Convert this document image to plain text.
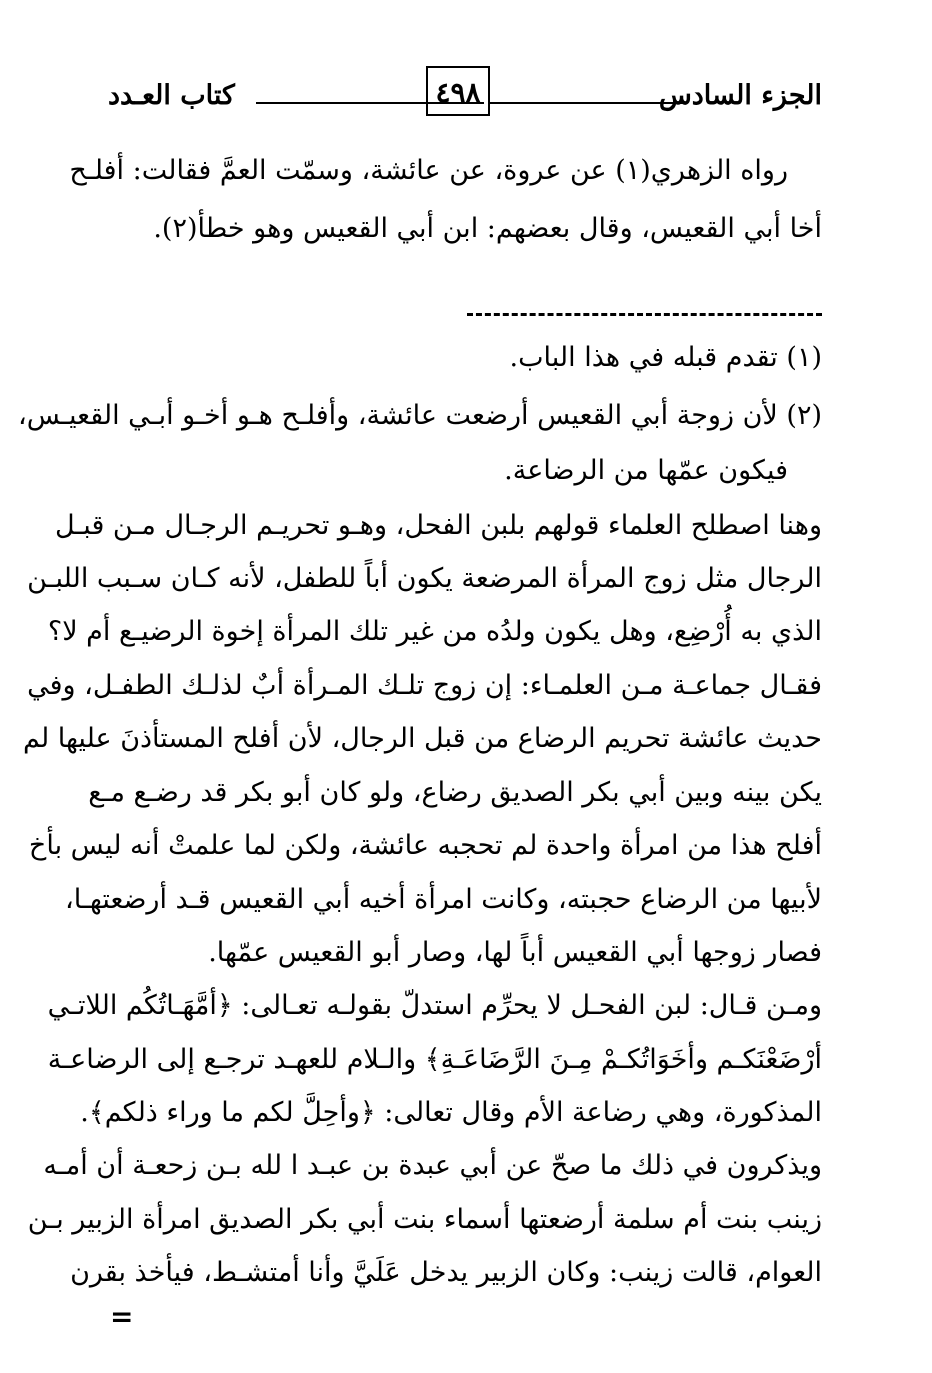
الجزء السادس
٤٩٨
كتاب العـدد
رواه الزهري(١) عن عروة، عن عائشة، وسمّت العمَّ فقالت: أفلـح
أخا أبي القعيس، وقال بعضهم: ابن أبي القعيس وهو خطأ(٢).
(١) تقدم قبله في هذا الباب.
(٢) لأن زوجة أبي القعيس أرضعت عائشة، وأفلـح هـو أخـو أبـي القعيـس،
فيكون عمّها من الرضاعة.
وهنا اصطلح العلماء قولهم بلبن الفحل، وهـو تحريـم الرجـال مـن قبـل
الرجال مثل زوج المرأة المرضعة يكون أباً للطفل، لأنه كـان سـبب اللبـن
الذي به أُرْضِع، وهل يكون ولدُه من غير تلك المرأة إخوة الرضيـع أم لا؟
فقـال جماعـة مـن العلمـاء: إن زوج تلـك المـرأة أبٌ لذلـك الطفـل، وفي
حديث عائشة تحريم الرضاع من قبل الرجال، لأن أفلح المستأذنَ عليها لم
يكن بينه وبين أبي بكر الصديق رضاع، ولو كان أبو بكر قد رضـع مـع
أفلح هذا من امرأة واحدة لم تحجبه عائشة، ولكن لما علمتْ أنه ليس بأخ
لأبيها من الرضاع حجبته، وكانت امرأة أخيه أبي القعيس قـد أرضعتهـا،
فصار زوجها أبي القعيس أباً لها، وصار أبو القعيس عمّها.
ومـن قـال: لبن الفحـل لا يحرِّم استدلّ بقولـه تعـالى: ﴿أمَّهَـاتُكُم اللاتـي
أرْضَعْنَكـم وأخَوَاتُكـمْ مِـنَ الرَّضَاعَـةِ﴾ والـلام للعهـد ترجـع إلى الرضاعـة
المذكورة، وهي رضاعة الأم وقال تعالى: ﴿وأحِلَّ لكم ما وراء ذلكم﴾.
ويذكرون في ذلك ما صحّ عن أبي عبدة بن عبـد ا لله بـن زحعـة أن أمـه
زينب بنت أم سلمة أرضعتها أسماء بنت أبي بكر الصديق امرأة الزبير بـن
العوام، قالت زينب: وكان الزبير يدخل عَلَيَّ وأنا أمتشـط، فيأخذ بقرن
=
